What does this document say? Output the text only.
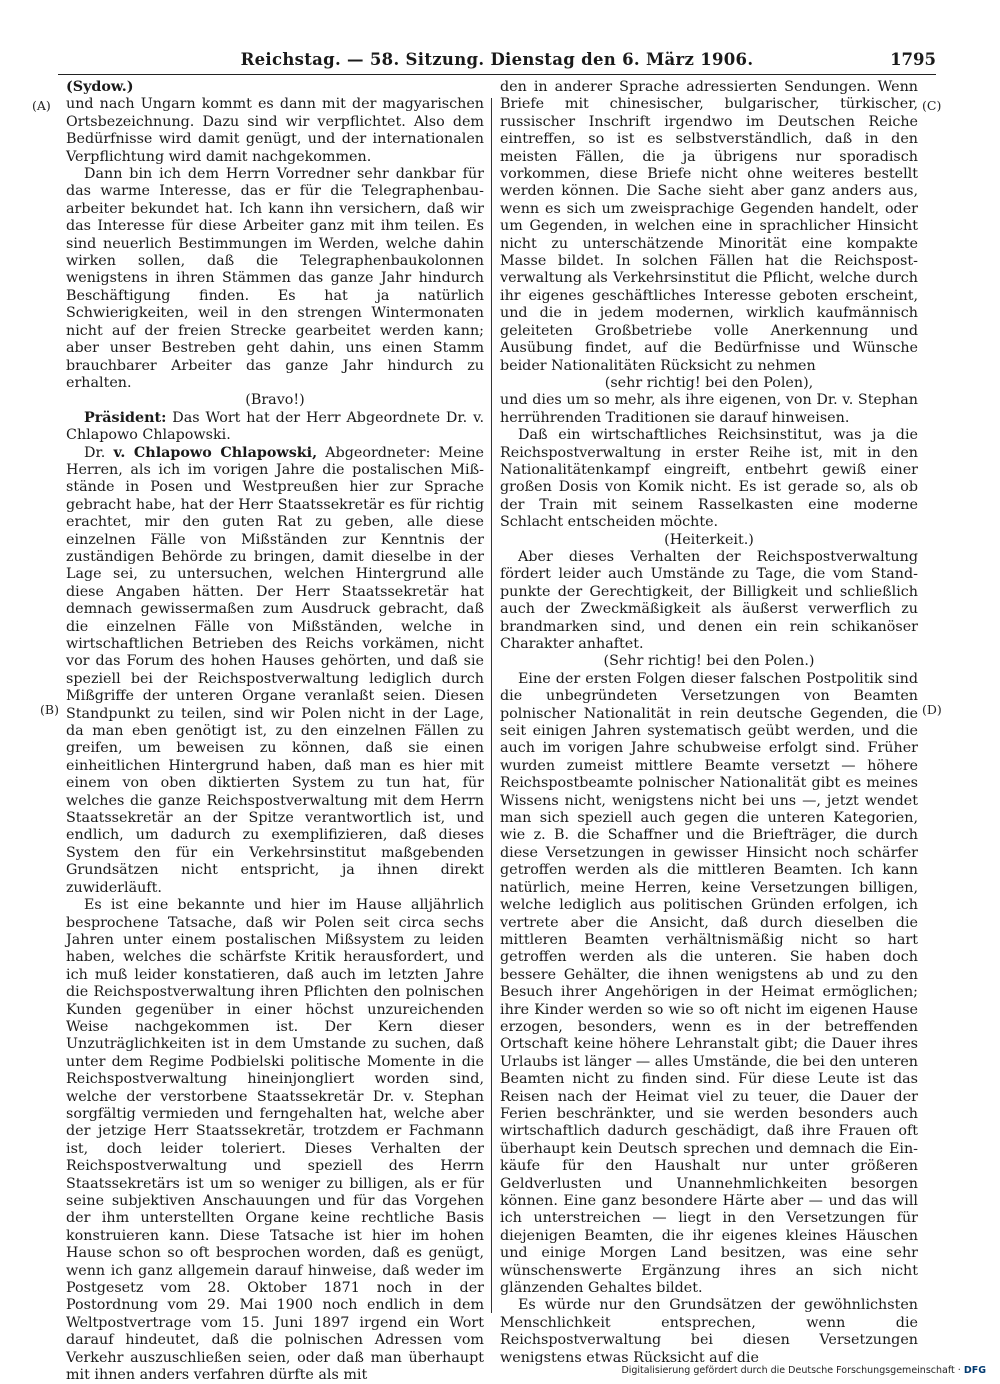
Reichstag. — 58. Sitzung. Dienstag den 6. März 1906.	1795
(A)
(B)
(C)
(D)

(Sydow.)

und nach Ungarn kommt es dann mit der magyarischen Ortsbezeichnung. Dazu sind wir verpflichtet. Also dem Bedürfnisse wird damit genügt, und der internationalen Verpflichtung wird damit nachgekommen.

Dann bin ich dem Herrn Vorredner sehr dankbar für das warme Interesse, das er für die Telegraphenbauarbeiter bekundet hat. Ich kann ihn versichern, daß wir das Interesse für diese Arbeiter ganz mit ihm teilen. Es sind neuerlich Bestimmungen im Werden, welche dahin wirken sollen, daß die Telegraphenbaukolonnen wenigstens in ihren Stämmen das ganze Jahr hindurch Beschäftigung finden. Es hat ja natürlich Schwierigkeiten, weil in den strengen Wintermonaten nicht auf der freien Strecke gearbeitet werden kann; aber unser Bestreben geht dahin, uns einen Stamm brauchbarer Arbeiter das ganze Jahr hindurch zu erhalten.

(Bravo!)

Präsident: Das Wort hat der Herr Abgeordnete Dr. v. Chlapowo Chlapowski.

Dr. v. Chlapowo Chlapowski, Abgeordneter: Meine Herren, als ich im vorigen Jahre die postalischen Mißstände in Posen und Westpreußen hier zur Sprache gebracht habe, hat der Herr Staatssekretär es für richtig erachtet, mir den guten Rat zu geben, alle diese einzelnen Fälle von Mißständen zur Kenntnis der zuständigen Behörde zu bringen, damit dieselbe in der Lage sei, zu untersuchen, welchen Hintergrund alle diese Angaben hätten. Der Herr Staatssekretär hat demnach gewissermaßen zum Ausdruck gebracht, daß die einzelnen Fälle von Mißständen, welche in wirtschaftlichen Betrieben des Reichs vorkämen, nicht vor das Forum des hohen Hauses gehörten, und daß sie speziell bei der Reichspostverwaltung lediglich durch Mißgriffe der unteren Organe veranlaßt seien. Diesen Standpunkt zu teilen, sind wir Polen nicht in der Lage, da man eben genötigt ist, zu den einzelnen Fällen zu greifen, um beweisen zu können, daß sie einen einheitlichen Hintergrund haben, daß man es hier mit einem von oben diktierten System zu tun hat, für welches die ganze Reichspostverwaltung mit dem Herrn Staatssekretär an der Spitze verantwortlich ist, und endlich, um dadurch zu exemplifizieren, daß dieses System den für ein Verkehrsinstitut maßgebenden Grundsätzen nicht entspricht, ja ihnen direkt zuwiderläuft.

Es ist eine bekannte und hier im Hause alljährlich besprochene Tatsache, daß wir Polen seit circa sechs Jahren unter einem postalischen Mißsystem zu leiden haben, welches die schärfste Kritik herausfordert, und ich muß leider konstatieren, daß auch im letzten Jahre die Reichspostverwaltung ihren Pflichten den polnischen Kunden gegenüber in einer höchst unzureichenden Weise nachgekommen ist. Der Kern dieser Unzuträglichkeiten ist in dem Umstande zu suchen, daß unter dem Regime Podbielski politische Momente in die Reichspostverwaltung hineinjongliert worden sind, welche der verstorbene Staatssekretär Dr. v. Stephan sorgfältig vermieden und ferngehalten hat, welche aber der jetzige Herr Staatssekretär, trotzdem er Fachmann ist, doch leider toleriert. Dieses Verhalten der Reichspostverwaltung und speziell des Herrn Staatssekretärs ist um so weniger zu billigen, als er für seine subjektiven Anschauungen und für das Vorgehen der ihm unterstellten Organe keine rechtliche Basis konstruieren kann. Diese Tatsache ist hier im hohen Hause schon so oft besprochen worden, daß es genügt, wenn ich ganz allgemein darauf hinweise, daß weder im Postgesetz vom 28. Oktober 1871 noch in der Postordnung vom 29. Mai 1900 noch endlich in dem Weltpostvertrage vom 15. Juni 1897 irgend ein Wort darauf hindeutet, daß die polnischen Adressen vom Verkehr auszuschließen seien, oder daß man überhaupt mit ihnen anders verfahren dürfte als mit

den in anderer Sprache adressierten Sendungen. Wenn Briefe mit chinesischer, bulgarischer, türkischer, russischer Inschrift irgendwo im Deutschen Reiche eintreffen, so ist es selbstverständlich, daß in den meisten Fällen, die ja übrigens nur sporadisch vorkommen, diese Briefe nicht ohne weiteres bestellt werden können. Die Sache sieht aber ganz anders aus, wenn es sich um zweisprachige Gegenden handelt, oder um Gegenden, in welchen eine in sprachlicher Hinsicht nicht zu unterschätzende Minorität eine kompakte Masse bildet. In solchen Fällen hat die Reichspostverwaltung als Verkehrsinstitut die Pflicht, welche durch ihr eigenes geschäftliches Interesse geboten erscheint, und die in jedem modernen, wirklich kaufmännisch geleiteten Großbetriebe volle Anerkennung und Ausübung findet, auf die Bedürfnisse und Wünsche beider Nationalitäten Rücksicht zu nehmen

(sehr richtig! bei den Polen),

und dies um so mehr, als ihre eigenen, von Dr. v. Stephan herrührenden Traditionen sie darauf hinweisen.

Daß ein wirtschaftliches Reichsinstitut, was ja die Reichspostverwaltung in erster Reihe ist, mit in den Nationalitätenkampf eingreift, entbehrt gewiß einer großen Dosis von Komik nicht. Es ist gerade so, als ob der Train mit seinem Rasselkasten eine moderne Schlacht entscheiden möchte.

(Heiterkeit.)

Aber dieses Verhalten der Reichspostverwaltung fördert leider auch Umstände zu Tage, die vom Standpunkte der Gerechtigkeit, der Billigkeit und schließlich auch der Zweckmäßigkeit als äußerst verwerflich zu brandmarken sind, und denen ein rein schikanöser Charakter anhaftet.

(Sehr richtig! bei den Polen.)

Eine der ersten Folgen dieser falschen Postpolitik sind die unbegründeten Versetzungen von Beamten polnischer Nationalität in rein deutsche Gegenden, die seit einigen Jahren systematisch geübt werden, und die auch im vorigen Jahre schubweise erfolgt sind. Früher wurden zumeist mittlere Beamte versetzt — höhere Reichspostbeamte polnischer Nationalität gibt es meines Wissens nicht, wenigstens nicht bei uns —, jetzt wendet man sich speziell auch gegen die unteren Kategorien, wie z. B. die Schaffner und die Briefträger, die durch diese Versetzungen in gewisser Hinsicht noch schärfer getroffen werden als die mittleren Beamten. Ich kann natürlich, meine Herren, keine Versetzungen billigen, welche lediglich aus politischen Gründen erfolgen, ich vertrete aber die Ansicht, daß durch dieselben die mittleren Beamten verhältnismäßig nicht so hart getroffen werden als die unteren. Sie haben doch bessere Gehälter, die ihnen wenigstens ab und zu den Besuch ihrer Angehörigen in der Heimat ermöglichen; ihre Kinder werden so wie so oft nicht im eigenen Hause erzogen, besonders, wenn es in der betreffenden Ortschaft keine höhere Lehranstalt gibt; die Dauer ihres Urlaubs ist länger — alles Umstände, die bei den unteren Beamten nicht zu finden sind. Für diese Leute ist das Reisen nach der Heimat viel zu teuer, die Dauer der Ferien beschränkter, und sie werden besonders auch wirtschaftlich dadurch geschädigt, daß ihre Frauen oft überhaupt kein Deutsch sprechen und demnach die Einkäufe für den Haushalt nur unter größeren Geldverlusten und Unannehmlichkeiten besorgen können. Eine ganz besondere Härte aber — und das will ich unterstreichen — liegt in den Versetzungen für diejenigen Beamten, die ihr eigenes kleines Häuschen und einige Morgen Land besitzen, was eine sehr wünschenswerte Ergänzung ihres an sich nicht glänzenden Gehaltes bildet.

Es würde nur den Grundsätzen der gewöhnlichsten Menschlichkeit entsprechen, wenn die Reichspostverwaltung bei diesen Versetzungen wenigstens etwas Rücksicht auf die

Digitalisierung gefördert durch die Deutsche Forschungsgemeinschaft · DFG
